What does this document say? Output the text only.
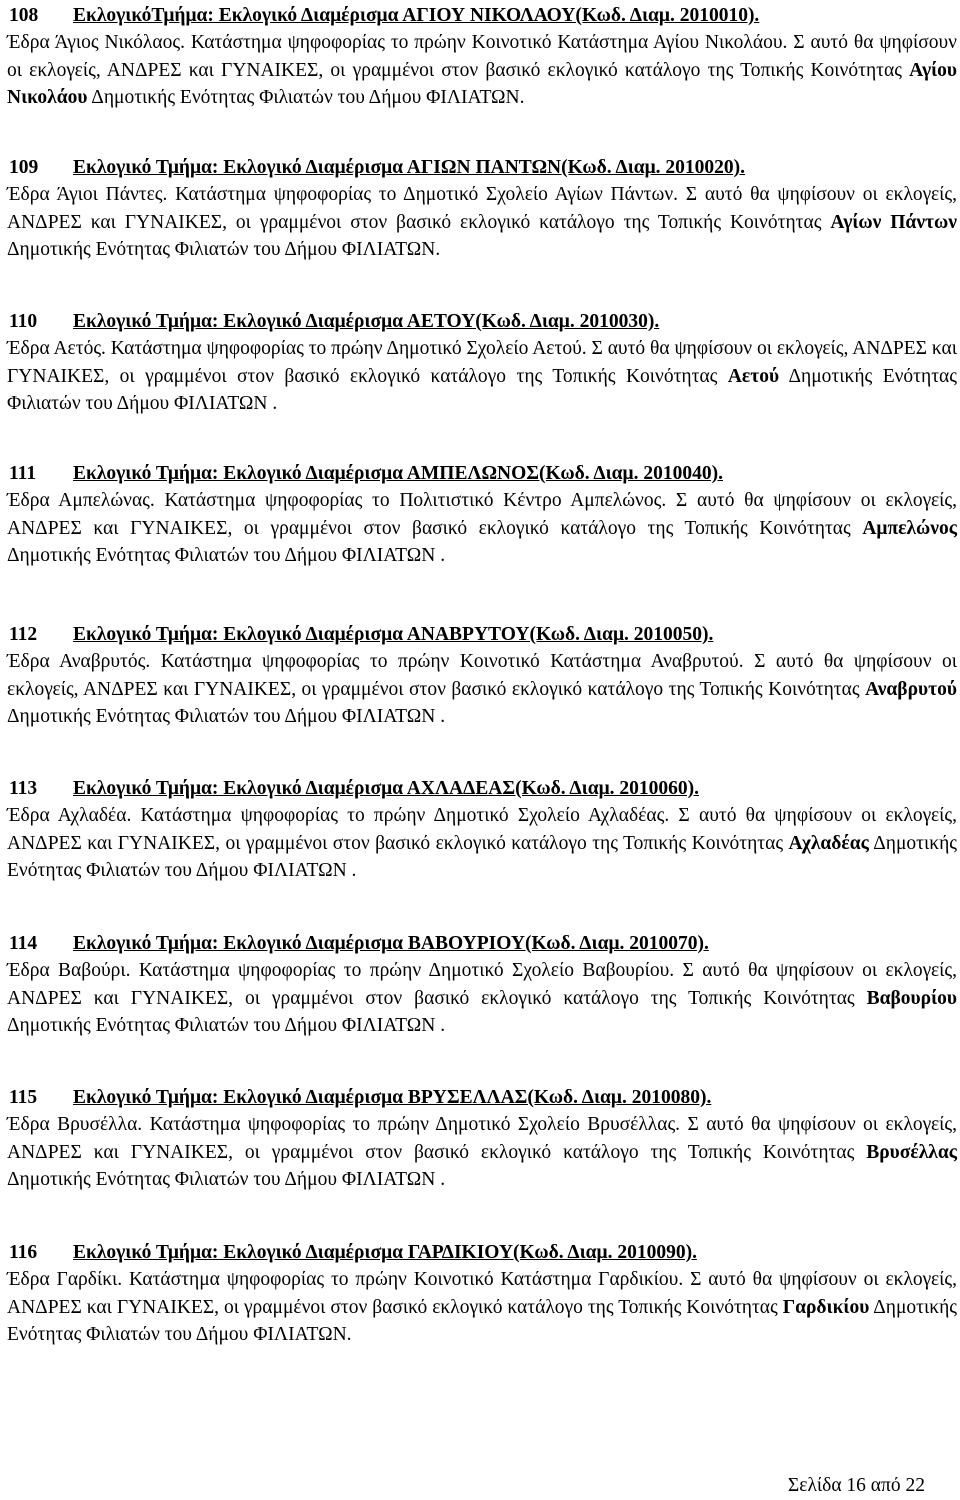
108 ΕκλογικόΤμήμα: Εκλογικό Διαμέρισμα ΑΓΙΟΥ ΝΙΚΟΛΑΟΥ(Κωδ. Διαμ. 2010010).
Έδρα Άγιος Νικόλαος. Κατάστημα ψηφοφορίας το πρώην Κοινοτικό Κατάστημα Αγίου Νικολάου. Σ αυτό θα ψηφίσουν οι εκλογείς, ΑΝΔΡΕΣ και ΓΥΝΑΙΚΕΣ, οι γραμμένοι στον βασικό εκλογικό κατάλογο της Τοπικής Κοινότητας Αγίου Νικολάου Δημοτικής Ενότητας Φιλιατών του Δήμου ΦΙΛΙΑΤΩΝ.
109 Εκλογικό Τμήμα: Εκλογικό Διαμέρισμα ΑΓΙΩΝ ΠΑΝΤΩΝ(Κωδ. Διαμ. 2010020).
Έδρα Άγιοι Πάντες. Κατάστημα ψηφοφορίας το Δημοτικό Σχολείο Αγίων Πάντων. Σ αυτό θα ψηφίσουν οι εκλογείς, ΑΝΔΡΕΣ και ΓΥΝΑΙΚΕΣ, οι γραμμένοι στον βασικό εκλογικό κατάλογο της Τοπικής Κοινότητας Αγίων Πάντων Δημοτικής Ενότητας Φιλιατών του Δήμου ΦΙΛΙΑΤΩΝ.
110 Εκλογικό Τμήμα: Εκλογικό Διαμέρισμα ΑΕΤΟΥ(Κωδ. Διαμ. 2010030).
Έδρα Αετός. Κατάστημα ψηφοφορίας το πρώην Δημοτικό Σχολείο Αετού. Σ αυτό θα ψηφίσουν οι εκλογείς, ΑΝΔΡΕΣ και ΓΥΝΑΙΚΕΣ, οι γραμμένοι στον βασικό εκλογικό κατάλογο της Τοπικής Κοινότητας Αετού Δημοτικής Ενότητας Φιλιατών του Δήμου ΦΙΛΙΑΤΩΝ .
111 Εκλογικό Τμήμα: Εκλογικό Διαμέρισμα ΑΜΠΕΛΩΝΟΣ(Κωδ. Διαμ. 2010040).
Έδρα Αμπελώνας. Κατάστημα ψηφοφορίας το Πολιτιστικό Κέντρο Αμπελώνος. Σ αυτό θα ψηφίσουν οι εκλογείς, ΑΝΔΡΕΣ και ΓΥΝΑΙΚΕΣ, οι γραμμένοι στον βασικό εκλογικό κατάλογο της Τοπικής Κοινότητας Αμπελώνος Δημοτικής Ενότητας Φιλιατών του Δήμου ΦΙΛΙΑΤΩΝ .
112 Εκλογικό Τμήμα: Εκλογικό Διαμέρισμα ΑΝΑΒΡΥΤΟΥ(Κωδ. Διαμ. 2010050).
Έδρα Αναβρυτός. Κατάστημα ψηφοφορίας το πρώην Κοινοτικό Κατάστημα Αναβρυτού. Σ αυτό θα ψηφίσουν οι εκλογείς, ΑΝΔΡΕΣ και ΓΥΝΑΙΚΕΣ, οι γραμμένοι στον βασικό εκλογικό κατάλογο της Τοπικής Κοινότητας Αναβρυτού Δημοτικής Ενότητας Φιλιατών του Δήμου ΦΙΛΙΑΤΩΝ .
113 Εκλογικό Τμήμα: Εκλογικό Διαμέρισμα ΑΧΛΑΔΕΑΣ(Κωδ. Διαμ. 2010060).
Έδρα Αχλαδέα. Κατάστημα ψηφοφορίας το πρώην Δημοτικό Σχολείο Αχλαδέας. Σ αυτό θα ψηφίσουν οι εκλογείς, ΑΝΔΡΕΣ και ΓΥΝΑΙΚΕΣ, οι γραμμένοι στον βασικό εκλογικό κατάλογο της Τοπικής Κοινότητας Αχλαδέας Δημοτικής Ενότητας Φιλιατών του Δήμου ΦΙΛΙΑΤΩΝ .
114 Εκλογικό Τμήμα: Εκλογικό Διαμέρισμα ΒΑΒΟΥΡΙΟΥ(Κωδ. Διαμ. 2010070).
Έδρα Βαβούρι. Κατάστημα ψηφοφορίας το πρώην Δημοτικό Σχολείο Βαβουρίου. Σ αυτό θα ψηφίσουν οι εκλογείς, ΑΝΔΡΕΣ και ΓΥΝΑΙΚΕΣ, οι γραμμένοι στον βασικό εκλογικό κατάλογο της Τοπικής Κοινότητας Βαβουρίου Δημοτικής Ενότητας Φιλιατών του Δήμου ΦΙΛΙΑΤΩΝ .
115 Εκλογικό Τμήμα: Εκλογικό Διαμέρισμα ΒΡΥΣΕΛΛΑΣ(Κωδ. Διαμ. 2010080).
Έδρα Βρυσέλλα. Κατάστημα ψηφοφορίας το πρώην Δημοτικό Σχολείο Βρυσέλλας. Σ αυτό θα ψηφίσουν οι εκλογείς, ΑΝΔΡΕΣ και ΓΥΝΑΙΚΕΣ, οι γραμμένοι στον βασικό εκλογικό κατάλογο της Τοπικής Κοινότητας Βρυσέλλας Δημοτικής Ενότητας Φιλιατών του Δήμου ΦΙΛΙΑΤΩΝ .
116 Εκλογικό Τμήμα: Εκλογικό Διαμέρισμα ΓΑΡΔΙΚΙΟΥ(Κωδ. Διαμ. 2010090).
Έδρα Γαρδίκι. Κατάστημα ψηφοφορίας το πρώην Κοινοτικό Κατάστημα Γαρδικίου. Σ αυτό θα ψηφίσουν οι εκλογείς, ΑΝΔΡΕΣ και ΓΥΝΑΙΚΕΣ, οι γραμμένοι στον βασικό εκλογικό κατάλογο της Τοπικής Κοινότητας Γαρδικίου Δημοτικής Ενότητας Φιλιατών του Δήμου ΦΙΛΙΑΤΩΝ.
Σελίδα 16 από 22
